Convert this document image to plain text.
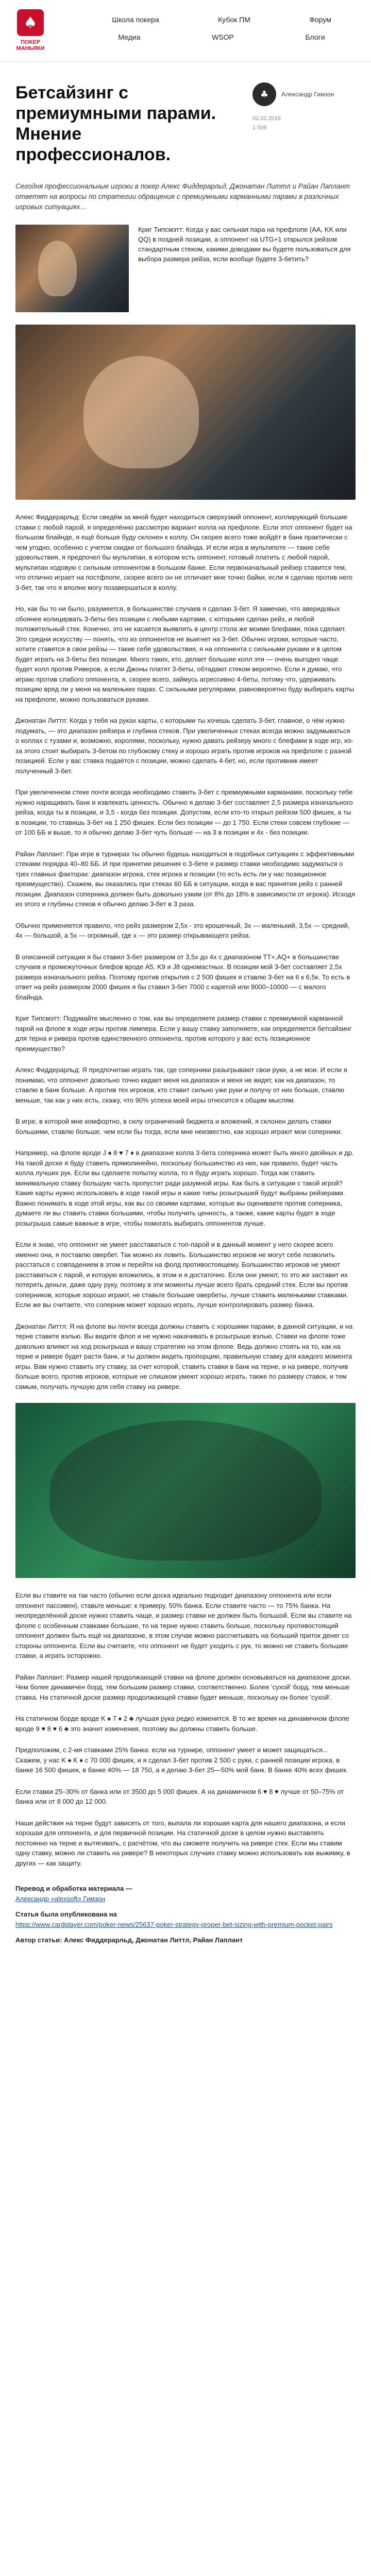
♠
ПОКЕР МАНЬЯКИ
Школа покера	Кубок ПМ	Форум
Медиа	WSOP	Блоги
Бетсайзинг с премиумными парами. Мнение профессионалов.
♣	Александр Гимзон
02.02.2016
1 506

Сегодня профессиональные игроки в покер Алекс Фиддерарльд, Джонатан Литтл и Райан Лаплант ответят на вопросы по стратегии обращения с премиумными карманными парами в различных игровых ситуациях…

Криг Типсмэтт: Когда у вас сильная пара на префлопе (AA, KK или QQ) в поздней позиции, а оппонент на UTG+1 открылся рейзом стандартным стеком, какими доводами вы будете пользоваться для выбора размера рейза, если вообще будете 3-бетить?

Алекс Фиддерарльд: Если сведём за мной будет находиться сверхузкий оппонент, коллирующий большие ставки с любой парой, я определённо рассмотрю вариант колла на префлопе. Если этот оппонент будет на большом блайнде, я ещё больше буду склонен к коллу. Он скорее всего тоже войдёт в банк практически с чем угодно, особенно с учетом скидки от большого блайнда. И если игра в мультипоте — такие себе удовольствия, я предпочел бы мультипан, в котором есть оппонент, готовый платить с любой парой, мультипан ходовую с сильным оппонентом в большом банке. Если первоначальный рейзер ставится тем, что отлично играет на постфлопе, скорее всего он не отличает мне точно байки, если я сделаю против него 3-бет, так что я вполне могу позавершаться в коллу.

Но, как бы то ни было, разумеется, в большинстве случаев я сделаю 3-бет. Я замечаю, что аверидовых обоянее колицирвать 3-беты без позиции с любыми картами, с которыми сделан рейз, и любой положительный стек. Конечно, это не касается выявлять в центр стола же моими блефами, пока сделает. Это средни искусству — понять, что из оппонентов не выигнет на 3-бет. Обычно игроки, которые часто, хотите ставятся в свои рейзы — такие себе удовольствия, я на оппонента с сильными руками и в целом будет играть на 3-беты без позиции. Много таких, кто, делает большие колл эти — очень выгодно чаще будет колл против Риверов, а если Джоны платят 3-беты, обтадают стеком вероятно. Если я думаю, что играю против слабого оппонента, я, скорее всего, займусь агрессивно 4-беты, потому что, удерживать позицию вряд ли у меня на маленьких парах. С сильными регулярами, равновероятно буду выбирать карты на префлопе, можно пользоваться руками.

Джонатан Литтл: Когда у тебя на руках карты, с которыми ты хочешь сделать 3-бет, главное, о чём нужно подумать, — это диапазон рейзера и глубина стеков. При увеличенных стеках всегда можно задумываться о коллах с тузами и, возможно, королями, поскольку, нужно давать рейзеру много с блефами в ходе игр, из-за этого стоит выбирать 3-бетом по глубокому стеку и хорошо играть против игроков на префлопе с разной позицией. Если у вас ставка подаётся с позиции, можно сделать 4-бет, но, если противник имеет полученный 3-бет.

При увеличенном стеке почти всегда необходимо ставить 3-бет с премиумными карманами, поскольку тебе нужно наращивать банк и извлекать ценность. Обычно я делаю 3-бет составляет 2,5 размера изначального рейза, когда ты в позиции, и 3,5 - когда без позиции. Допустим, если кто-то открыл рейзом 500 фишек, а ты в позиции, то ставишь 3-бет на 1 250 фишек. Если без позиции — до 1 750. Если стеки совсем глубокие — от 100 ББ и выше, то я обычно делаю 3-бет чуть больше — на 3 в позиции и 4х - без позиции.

Райан Лаплант: При игре в турнирах ты обычно будешь находиться в подобных ситуациях с эффективными стеками порядка 40–80 ББ. И при принятии решения о 3-бете я размер ставки необходимо задуматься о трех главных факторах: диапазон игрока, стек игрока и позиции (то есть есть ли у нас позиционное преимущество). Скажем, вы оказались при стеках 60 ББ в ситуации, когда в вас принятия рейз с ранней позиции. Диапазон соперника должен быть довольно узким (от 8% до 18% в зависимости от игрока). Исходя из этого и глубины стеков я обычно делаю 3-бет в 3 раза.

Обычно применяется правило, что рейз размером 2,5х - это крошечный, 3х — маленький, 3,5х — средний, 4х — большой, а 5х — огромный, где х — это размер открывающего рейза.

В описанной ситуации я бы ставил 3-бет размером от 3,5х до 4х с диапазоном TT+,AQ+ в большинстве случаев и промежуточных блефов вроде A5, K9 и J8 одномастных. В позиции мой 3-бет составляет 2,5х размера изначального рейза. Поэтому против открытия с 2 500 фишек я ставлю 3-бет на 6 к 6,5к. То есть в ответ на рейз размером 2000 фишек я бы ставил 3-бет 7000 с каретой или 9000–10000 — с малого блайнда.

Криг Типсмэтт: Подумайте мысленно о том, как вы определяете размер ставки с премиумной карманной парой на флопе в ходе игры против лимпера. Если у вашу ставку заполняете, как определяется бетсайзинг для терна и ривера против единственного оппонента, против которого у вас есть позиционное преимущество?

Алекс Фиддерарльд: Я предпочитаю играть так, где соперники разыгрывают свои руки, а не мои. И если я понимаю, что оппонент довольно точно кидает меня на диапазон и меня не видят, как на диапазон, то ставлю в банк больше. А против тех игроков, кто ставит сильно уже руки и получу от них больше, ставлю меньше, так как у них есть, скажу, что 90% успеха моей игры относится к общим мыслям.

В игре, в которой мне комфортно, в силу ограничений бюджета и вложений, я склонен делать ставки большими, ставлю больше, чем если бы тогда, если мне неизвестно, как хорошо играют мои соперники.

Например, на флопе вроде J ♠ 8 ♥ 7 ♦ в диапазоне колла 3-бета соперника может быть много двойных и др. На такой доске я буду ставить прямолинейно, поскольку большинство из них, как правило, будет часть колла лучших рук. Если вы сделаете попытку колла, то я буду играть хорошо. Тогда как ставить минимальную ставку большую часть пропустит ради разумной игры. Как быть в ситуации с такой игрой? Какие карты нужно использовать в ходе такой игры и какие типы розыгрышей будут выбраны рейзерами. Важно понимать в ходе этой игры, как вы со своими картами, которые вы оцениваете против соперника, думаете ли вы ставить ставки большими, чтобы получить ценность, а также, какие карты будет в ходе розыгрыша самые важные в игре, чтобы помогать выбирать оппонентов лучше.

Если я знаю, что оппонент не умеет расставаться с топ-парой и в данный момент у него скорее всего именно она, я поставлю овербет. Так можно их ловить. Большинство игроков не могут себе позволить расстаться с совпадением в этом и перейти на фолд противостоящему. Большинство игроков не умеют расставаться с парой, и которую вложились, в этом и я достаточно. Если они умеют, то это же заставит их потерять деньги, даже одну руку, поэтому в эти моменты лучше всего брать средний стек. Если вы против соперников, которые хорошо играют, не ставьте большие овербеты, лучше ставить маленькими ставками. Если же вы считаете, что соперник может хорошо играть, лучше контролировать размер банка.

Джонатан Литтл: Я на флопе вы почти всегда должны ставить с хорошими парами, в данной ситуации, и на терне ставите вэлью. Вы видите флоп и не нужно накачивать в розыгрыше вэлью. Ставки на флопе тоже довольно влияют на ход розыгрыша и вашу стратегию на этом флопе. Ведь должно стоять на то, как на терне и ривере будет расти банк, и ты должен видеть пропорцию, правильную ставку для каждого момента игры. Вам нужно ставить эту ставку, за счет которой, ставить ставки в банк на терне, и на ривере, получив больше всего, против игроков, которые не слишком умеют хорошо играть, также по размеру ставок, и тем самым, получать лучшую для себя ставку на ривере.

Если вы ставите на так часто (обычно если доска идеально подходит диапазону оппонента или если оппонент пассивен), ставьте меньше: к примеру, 50% банка. Если ставите часто — то 75% банка. На неопределённой доске нужно ставить чаще, и размер ставки не должен быть большой. Если вы ставите на флопе с особенным ставками большие, то на терне нужно ставить больше, поскольку противостоящий оппонент должен быть ещё на диапазоне, в этом случае можно рассчитывать на больший приток денег со стороны оппонента. Если вы считаете, что оппонент не будет уходить с рук, то можно не ставить большие ставки, а играть осторожно.

Райан Лаплант: Размер нашей продолжающей ставки на флопе должен основываться на диапазоне доски. Чем более динамичен борд, тем большим размер ставки, соответственно. Более 'сухой' борд, тем меньше ставка. На статичной доске размер продолжающей ставки будет меньше, поскольку он более 'сухой'.

На статичном борде вроде K ♠ 7 ♦ 2 ♣ лучшая рука редко изменится. В то же время на динамичном флопе вроде 9 ♥ 8 ♥ 6 ♣ это значит изменения, поэтому вы должны ставить больше.

Предположим, с 2-мя ставками 25% банка: если на турнире, оппонент умеет и может защищаться... Скажем, у нас K ♠ K ♦ с 70 000 фишек, и я сделал 3-бет против 2 500 с руки, с ранней позиции игрока, в банке 16 500 фишек, в банке 40% — 18 750, а я делаю 3-бет 25—50% мой банк. В банке 40% всех фишек.

Если ставки 25–30% от банка или от 3500 до 5 000 фишек. А на динамичном 6 ♥ 8 ♥ лучше от 50–75% от банка или от 8 000 до 12 000.

Наши действия на терне будут зависеть от того, выпала ли хорошая карта для нашего диапазона, и если хорошая для оппонента, и для первичной позиции. На статичной доске в целом нужно выставлять постоянно на терне и вытягивать, с расчётом, что вы сможете получить на ривере стек. Если мы ставим одну ставку, можно ли ставить на ривере? В некоторых случаях ставку можно использовать как выжимку, в других — как защиту.

Перевод и обработка материала —
Александр «alexsoft» Гимзон
Статья была опубликована на
https://www.cardplayer.com/poker-news/25637-poker-strategy-proper-bet-sizing-with-premium-pocket-pairs
Автор статьи: Алекс Фиддерарльд, Джонатан Литтл, Райан Лаплант
